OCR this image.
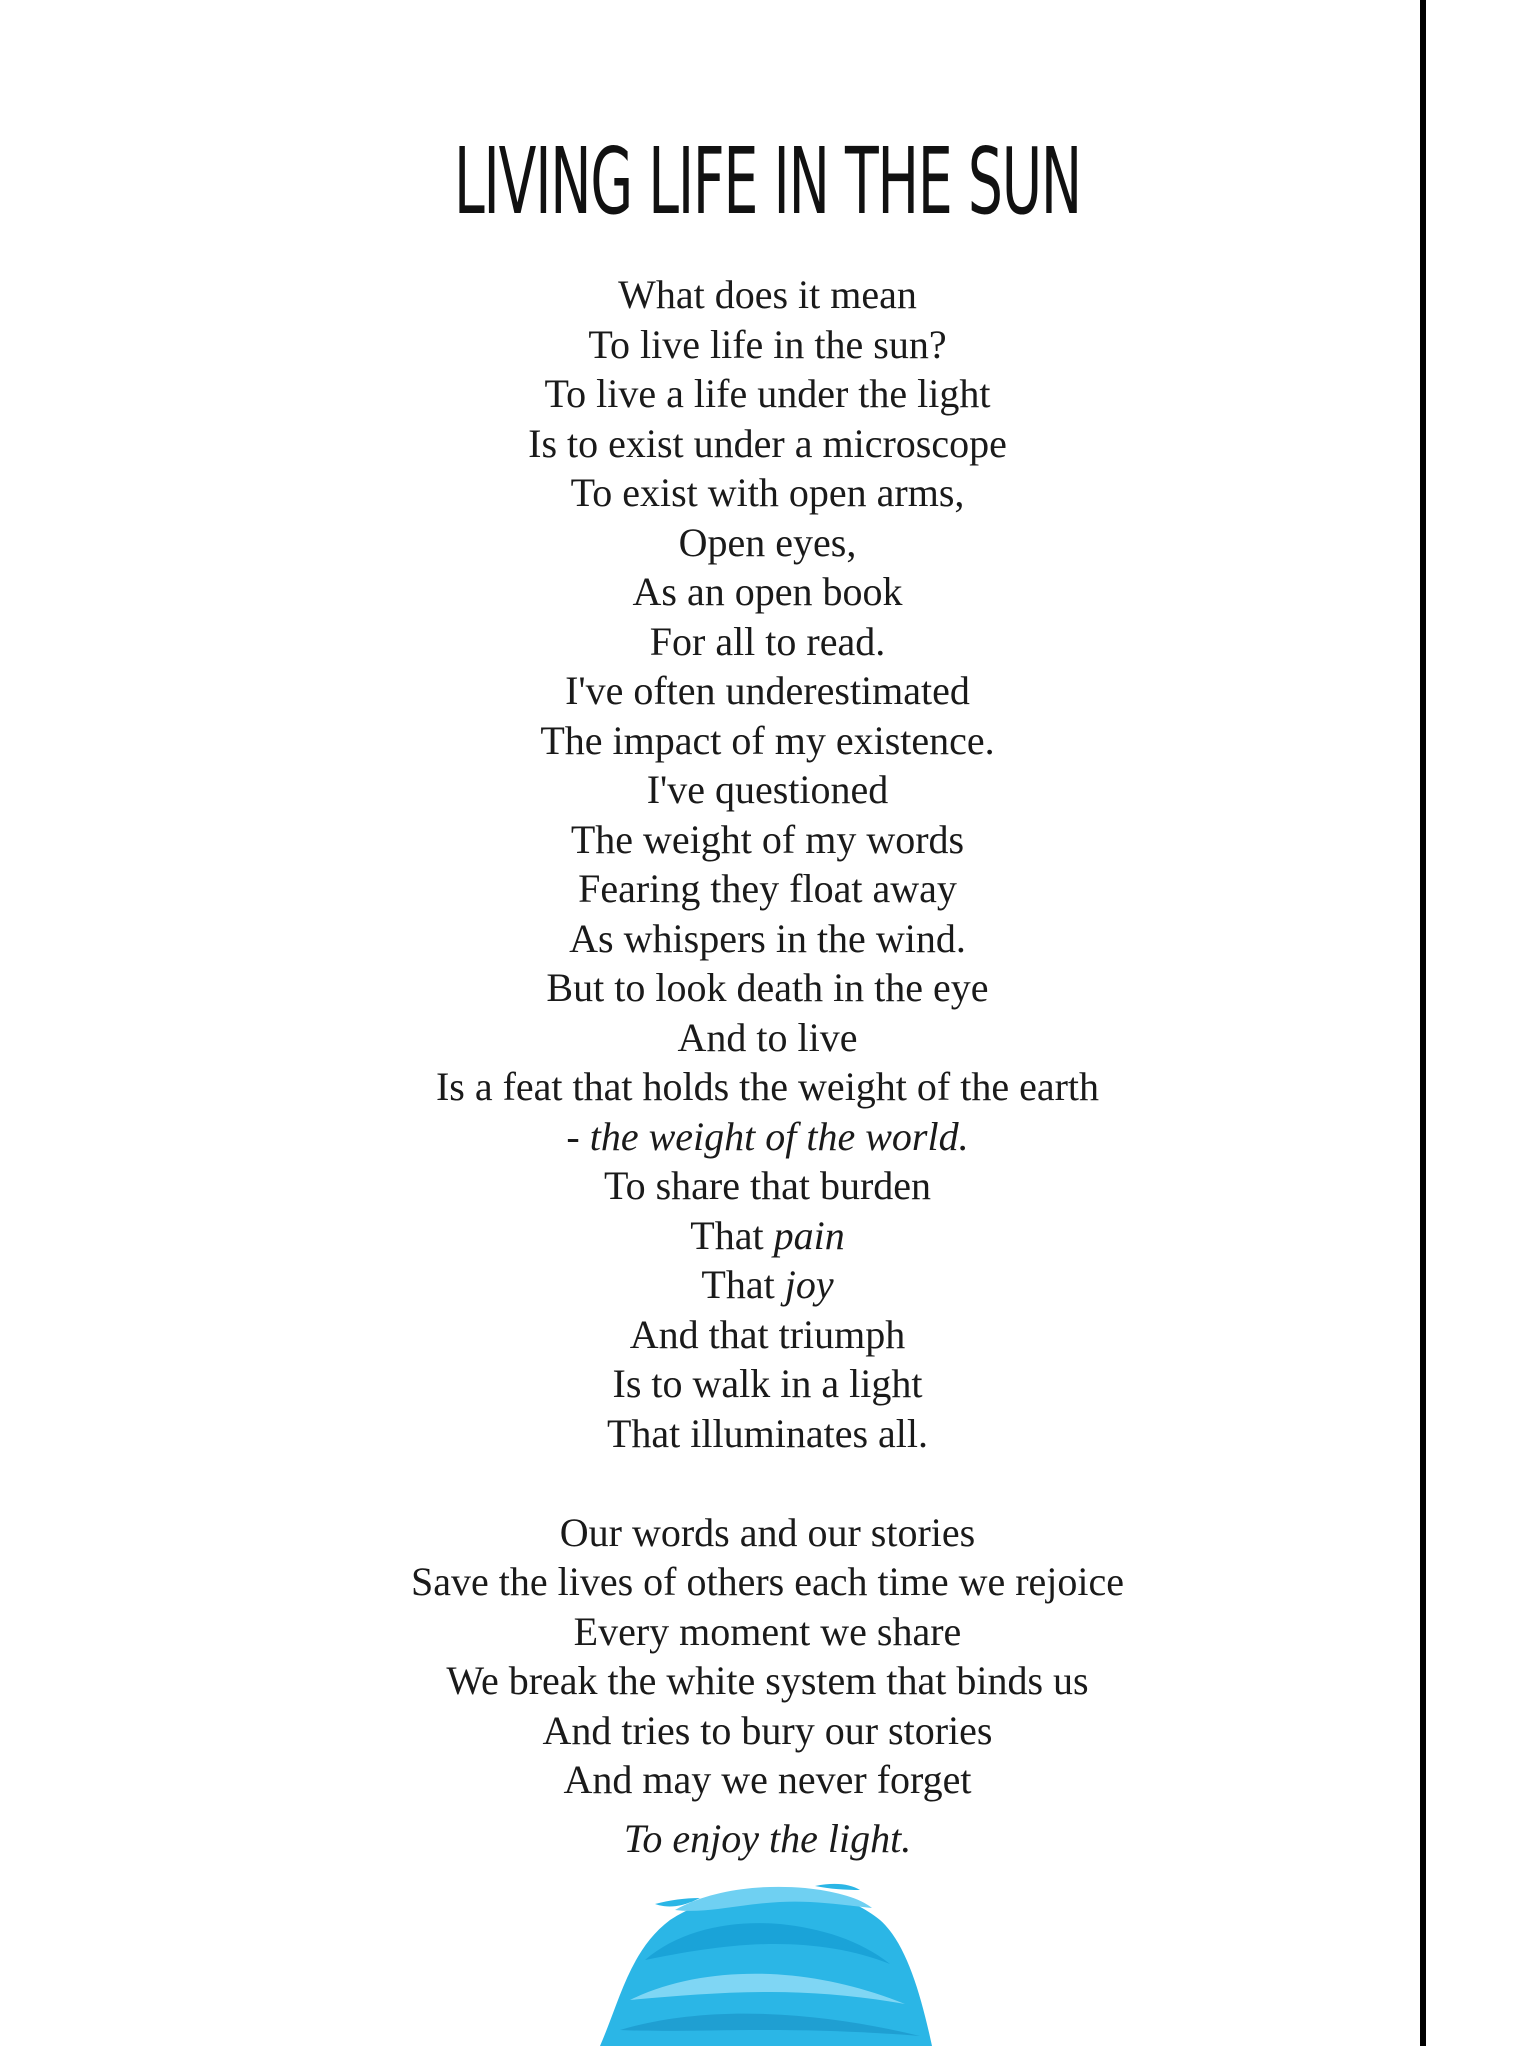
LIVING LIFE IN THE SUN
What does it mean
To live life in the sun?
To live a life under the light
Is to exist under a microscope
To exist with open arms,
Open eyes,
As an open book
For all to read.
I've often underestimated
The impact of my existence.
I've questioned
The weight of my words
Fearing they float away
As whispers in the wind.
But to look death in the eye
And to live
Is a feat that holds the weight of the earth
- the weight of the world.
To share that burden
That pain
That joy
And that triumph
Is to walk in a light
That illuminates all.
Our words and our stories
Save the lives of others each time we rejoice
Every moment we share
We break the white system that binds us
And tries to bury our stories
And may we never forget
To enjoy the light.
